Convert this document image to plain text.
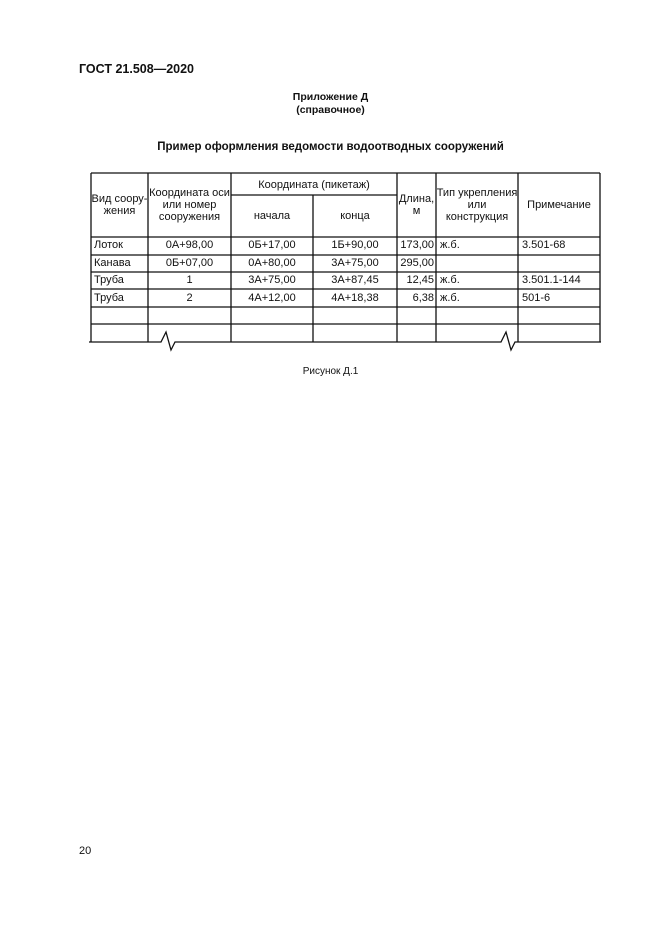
ГОСТ 21.508—2020
Приложение Д
(справочное)
Пример оформления ведомости водоотводных сооружений
Вид соору- жения
Координата оси или номер сооружения
Координата (пикетаж)
начала	конца
Длина, м
Тип укрепления или конструкция
Примечание
Лоток	0А+98,00	0Б+17,00	1Б+90,00	173,00 ж.б.	3.501-68
Канава	0Б+07,00	0А+80,00	3А+75,00	295,00
Труба	1	3А+75,00	3А+87,45	12,45 ж.б.	3.501.1-144
Труба	2	4А+12,00	4А+18,38	6,38 ж.б.	501-6
Рисунок Д.1
20
